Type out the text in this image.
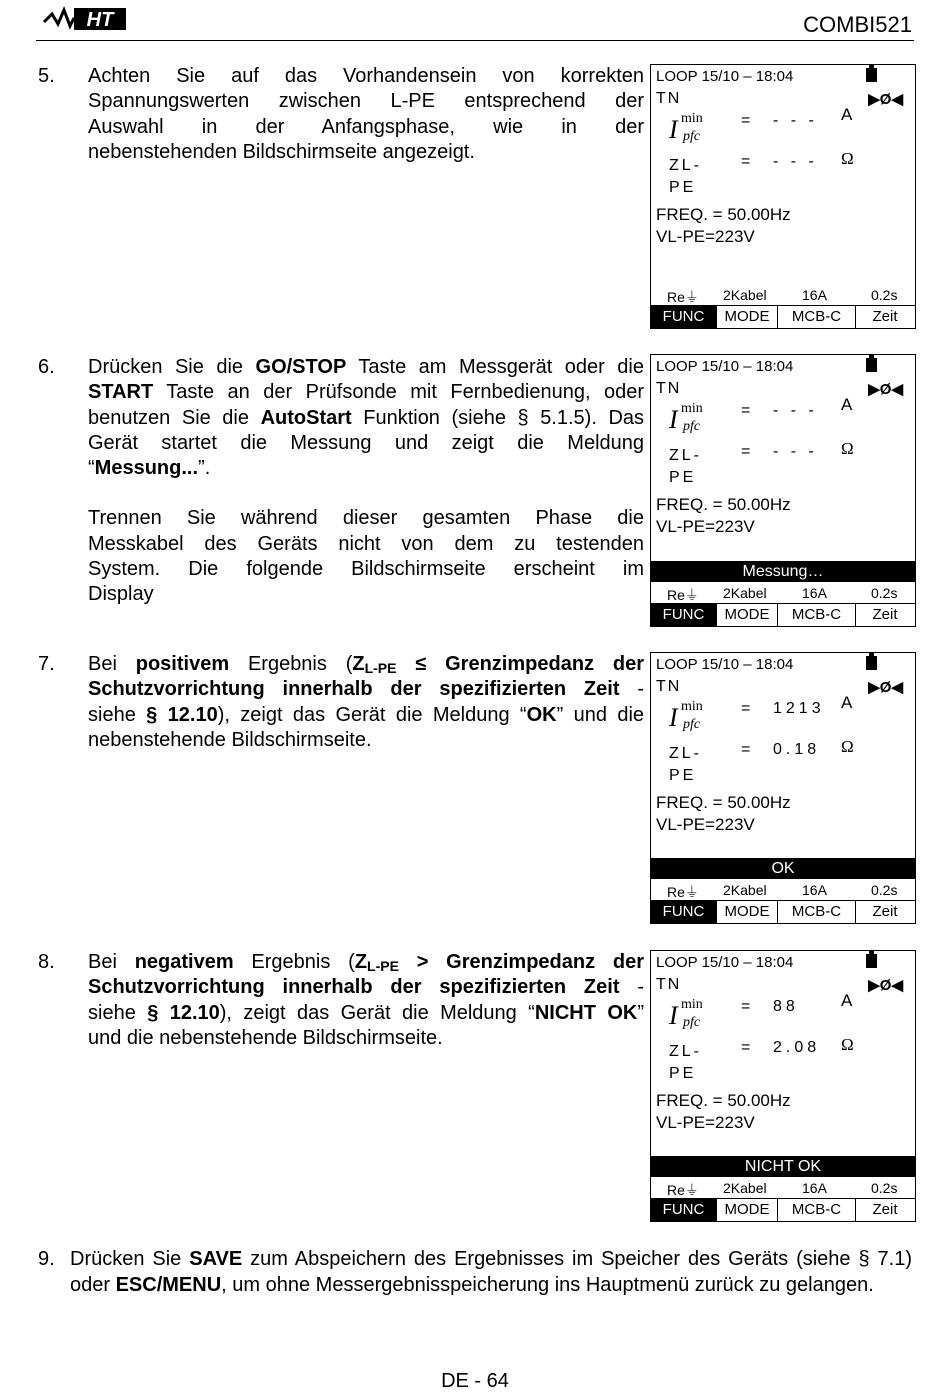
HT	COMBI521
5. Achten Sie auf das Vorhandensein von korrekten
Spannungswerten zwischen L-PE entsprechend der
Auswahl in der Anfangsphase, wie in der
nebenstehenden Bildschirmseite angezeigt.
6. Drücken Sie die GO/STOP Taste am Messgerät oder die
START Taste an der Prüfsonde mit Fernbedienung, oder
benutzen Sie die AutoStart Funktion (siehe § 5.1.5). Das
Gerät startet die Messung und zeigt die Meldung
“Messung...”.
Trennen Sie während dieser gesamten Phase die
Messkabel des Geräts nicht von dem zu testenden
System. Die folgende Bildschirmseite erscheint im
Display
7. Bei positivem Ergebnis ($Z_{L-PE}$ ≤ Grenzimpedanz der
Schutzvorrichtung innerhalb der spezifizierten Zeit -
siehe § 12.10), zeigt das Gerät die Meldung “OK” und die
nebenstehende Bildschirmseite.
8. Bei negativem Ergebnis ($Z_{L-PE}$ > Grenzimpedanz der
Schutzvorrichtung innerhalb der spezifizierten Zeit -
siehe § 12.10), zeigt das Gerät die Meldung “NICHT OK”
und die nebenstehende Bildschirmseite.
9. Drücken Sie SAVE zum Abspeichern des Ergebnisses im Speicher des Geräts (siehe § 7.1) oder ESC/MENU, um ohne Messergebnisspeicherung ins Hauptmenü zurück zu gelangen.
LOOP 15/10 – 18:04
TN	▶Ø◀
I min
pfc
= - - - A
ZL-
PE
= - - - Ω
FREQ. = 50.00Hz
VL-PE=223V
Re⏚ 2Kabel	16A	0.2s
FUNC	MODE	MCB-C	Zeit
LOOP 15/10 – 18:04
TN	▶Ø◀
I min
pfc
= - - - A
ZL-
PE
= - - - Ω
FREQ. = 50.00Hz
VL-PE=223V
Messung…
Re⏚ 2Kabel	16A	0.2s
FUNC	MODE	MCB-C	Zeit
LOOP 15/10 – 18:04
TN	▶Ø◀
I min
pfc
= 1213 A
ZL-
PE
= 0.18 Ω
FREQ. = 50.00Hz
VL-PE=223V
OK
Re⏚ 2Kabel	16A	0.2s
FUNC	MODE	MCB-C	Zeit
LOOP 15/10 – 18:04
TN	▶Ø◀
I min
pfc
= 88 A
ZL-
PE
= 2.08 Ω
FREQ. = 50.00Hz
VL-PE=223V
NICHT OK
Re⏚ 2Kabel	16A	0.2s
FUNC	MODE	MCB-C	Zeit
DE - 64
